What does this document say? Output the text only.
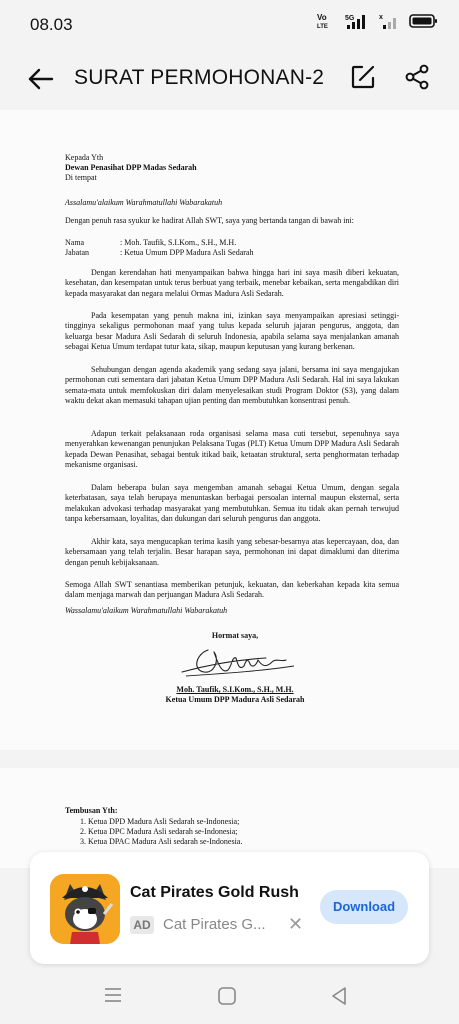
08.03	Vo
LTE
5G	x
SURAT PERMOHONAN-2
Kepada Yth
Dewan Penasihat DPP Madas Sedarah
Di tempat
Assalamu'alaikum Warahmatullahi Wabarakatuh
Dengan penuh rasa syukur ke hadirat Allah SWT, saya yang bertanda tangan di bawah ini:
Nama	: Moh. Taufik, S.I.Kom., S.H., M.H.
Jabatan	: Ketua Umum DPP Madura Asli Sedarah
Dengan kerendahan hati menyampaikan bahwa hingga hari ini saya masih diberi kekuatan, kesehatan, dan kesempatan untuk terus berbuat yang terbaik, menebar kebaikan, serta mengabdikan diri kepada masyarakat dan negara melalui Ormas Madura Asli Sedarah.
Pada kesempatan yang penuh makna ini, izinkan saya menyampaikan apresiasi setinggi-tingginya sekaligus permohonan maaf yang tulus kepada seluruh jajaran pengurus, anggota, dan keluarga besar Madura Asli Sedarah di seluruh Indonesia, apabila selama saya menjalankan amanah sebagai Ketua Umum terdapat tutur kata, sikap, maupun keputusan yang kurang berkenan.
Sehubungan dengan agenda akademik yang sedang saya jalani, bersama ini saya mengajukan permohonan cuti sementara dari jabatan Ketua Umum DPP Madura Asli Sedarah. Hal ini saya lakukan semata-mata untuk memfokuskan diri dalam menyelesaikan studi Program Doktor (S3), yang dalam waktu dekat akan memasuki tahapan ujian penting dan membutuhkan konsentrasi penuh.
Adapun terkait pelaksanaan roda organisasi selama masa cuti tersebut, sepenuhnya saya menyerahkan kewenangan penunjukan Pelaksana Tugas (PLT) Ketua Umum DPP Madura Asli Sedarah kepada Dewan Penasihat, sebagai bentuk itikad baik, ketaatan struktural, serta penghormatan terhadap mekanisme organisasi.
Dalam beberapa bulan saya mengemban amanah sebagai Ketua Umum, dengan segala keterbatasan, saya telah berupaya menuntaskan berbagai persoalan internal maupun eksternal, serta melakukan advokasi terhadap masyarakat yang membutuhkan. Semua itu tidak akan pernah terwujud tanpa kebersamaan, loyalitas, dan dukungan dari seluruh pengurus dan anggota.
Akhir kata, saya mengucapkan terima kasih yang sebesar-besarnya atas kepercayaan, doa, dan kebersamaan yang telah terjalin. Besar harapan saya, permohonan ini dapat dimaklumi dan diterima dengan penuh kebijaksanaan.
Semoga Allah SWT senantiasa memberikan petunjuk, kekuatan, dan keberkahan kepada kita semua dalam menjaga marwah dan perjuangan Madura Asli Sedarah.
Wassalamu'alaikum Warahmatullahi Wabarakatuh
Hormat saya,
Moh. Taufik, S.I.Kom., S.H., M.H.
Ketua Umum DPP Madura Asli Sedarah
Tembusan Yth:
1. Ketua DPD Madura Asli Sedarah se-Indonesia;
2. Ketua DPC Madura Asli sedarah se-Indonesia;
3. Ketua DPAC Madura Asli sedarah se-Indonesia.
Cat Pirates Gold Rush
AD Cat Pirates G... ✕
Download
